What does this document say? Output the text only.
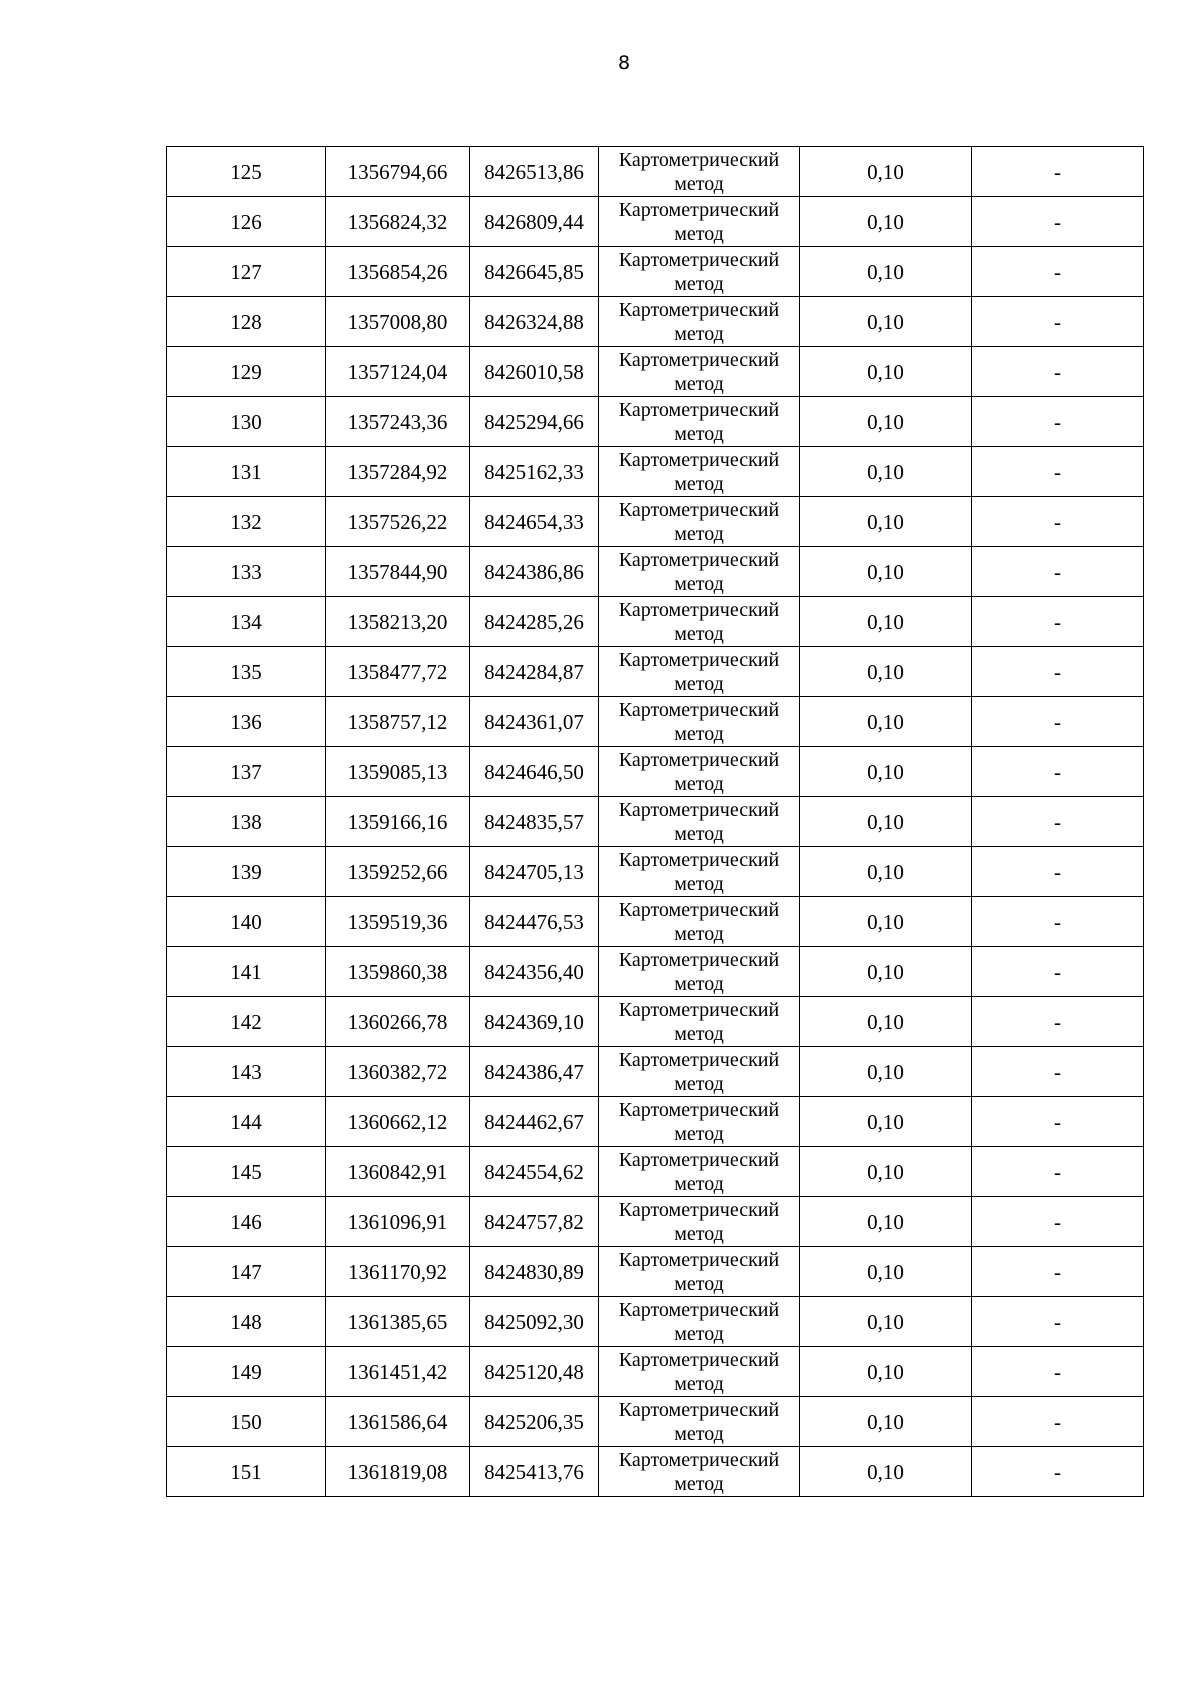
8
125	1356794,66	8426513,86	Картометрический метод	0,10	-
126	1356824,32	8426809,44	Картометрический метод	0,10	-
127	1356854,26	8426645,85	Картометрический метод	0,10	-
128	1357008,80	8426324,88	Картометрический метод	0,10	-
129	1357124,04	8426010,58	Картометрический метод	0,10	-
130	1357243,36	8425294,66	Картометрический метод	0,10	-
131	1357284,92	8425162,33	Картометрический метод	0,10	-
132	1357526,22	8424654,33	Картометрический метод	0,10	-
133	1357844,90	8424386,86	Картометрический метод	0,10	-
134	1358213,20	8424285,26	Картометрический метод	0,10	-
135	1358477,72	8424284,87	Картометрический метод	0,10	-
136	1358757,12	8424361,07	Картометрический метод	0,10	-
137	1359085,13	8424646,50	Картометрический метод	0,10	-
138	1359166,16	8424835,57	Картометрический метод	0,10	-
139	1359252,66	8424705,13	Картометрический метод	0,10	-
140	1359519,36	8424476,53	Картометрический метод	0,10	-
141	1359860,38	8424356,40	Картометрический метод	0,10	-
142	1360266,78	8424369,10	Картометрический метод	0,10	-
143	1360382,72	8424386,47	Картометрический метод	0,10	-
144	1360662,12	8424462,67	Картометрический метод	0,10	-
145	1360842,91	8424554,62	Картометрический метод	0,10	-
146	1361096,91	8424757,82	Картометрический метод	0,10	-
147	1361170,92	8424830,89	Картометрический метод	0,10	-
148	1361385,65	8425092,30	Картометрический метод	0,10	-
149	1361451,42	8425120,48	Картометрический метод	0,10	-
150	1361586,64	8425206,35	Картометрический метод	0,10	-
151	1361819,08	8425413,76	Картометрический метод	0,10	-
